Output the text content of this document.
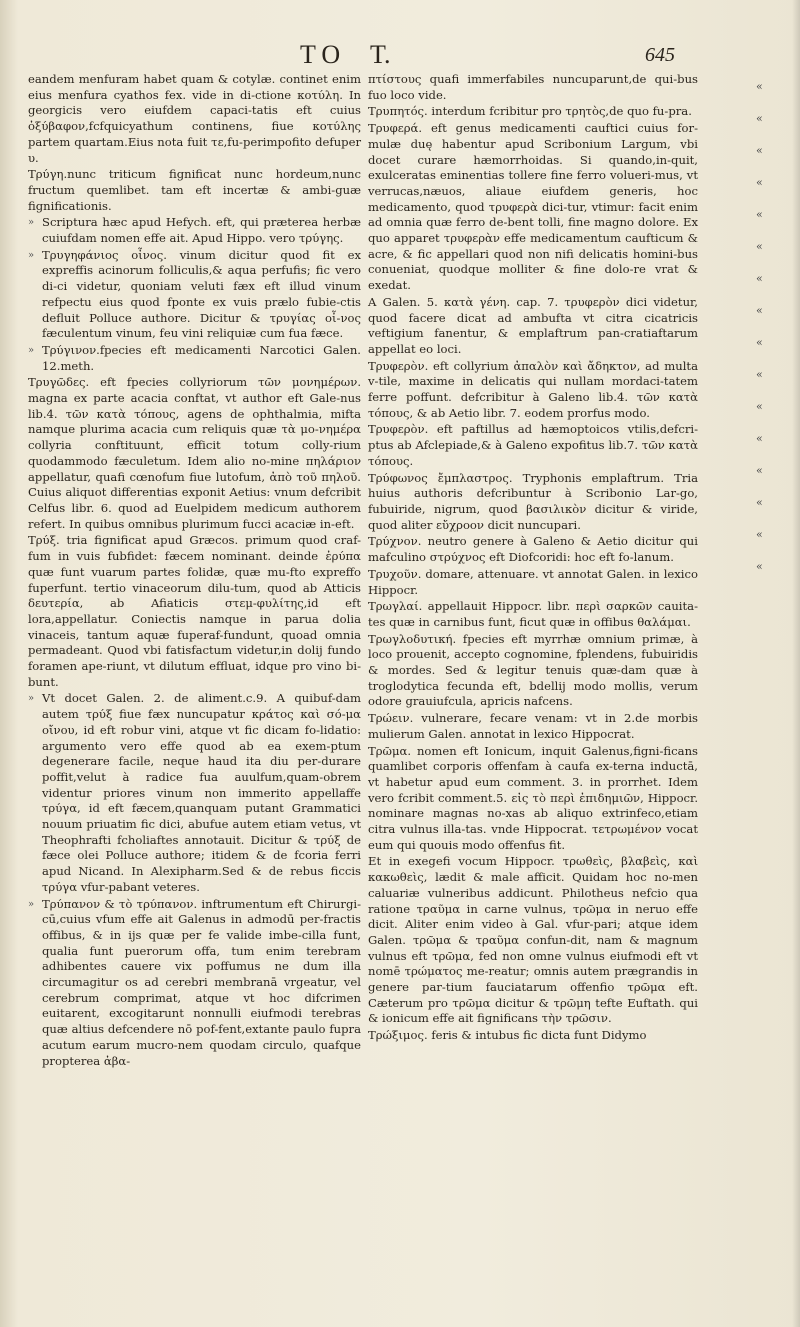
TO T.	645

eandem menfuram habet quam & cotylæ. continet enim eius menfura cyathos fex. vide in di-ctione κοτύλη. In georgicis vero eiufdem capaci-tatis eft cuius ὀξύβαφον,fcfquicyathum continens, fiue κοτύλης partem quartam.Eius nota fuit τε,fu-perimpofito defuper υ.

Τρύγη.nunc triticum fignificat nunc hordeum,nunc fructum quemlibet. tam eft incertæ & ambi-guæ fignificationis.

» Scriptura hæc apud Hefych. eft, qui præterea herbæ cuiufdam nomen effe ait. Apud Hippo. vero τρύγης.

» Τρυγηφάνιος οἶνος. vinum dicitur quod fit ex expreffis acinorum folliculis,& aqua perfufis; fic vero di-ci videtur, quoniam veluti fæx eft illud vinum refpectu eius quod fponte ex vuis prælo fubie-ctis defluit Polluce authore. Dicitur & τρυγίας οἶ-νος fæculentum vinum, feu vini reliquiæ cum fua fæce.

» Τρύγινον.fpecies eft medicamenti Narcotici Galen. 12.meth.

Τρυγῶδες. eft fpecies collyriorum τῶν μονημέρων. magna ex parte acacia conftat, vt author eft Gale-nus lib.4. τῶν κατὰ τόπους, agens de ophthalmia, mifta namque plurima acacia cum reliquis quæ τὰ μο-νημέρα collyria conftituunt, efficit totum colly-rium quodammodo fæculetum. Idem alio no-mine πηλάριον appellatur, quafi cœnofum fiue lutofum, ἀπὸ τοῦ πηλοῦ. Cuius aliquot differentias exponit Aetius: vnum defcribit Celfus libr. 6. quod ad Euelpidem medicum authorem refert. In quibus omnibus plurimum fucci acaciæ in-eft.

Τρύξ. tria fignificat apud Græcos. primum quod craf-fum in vuis fubfidet: fæcem nominant. deinde ἐρύπα quæ funt vuarum partes folidæ, quæ mu-fto expreffo fuperfunt. tertio vinaceorum dilu-tum, quod ab Atticis δευτερία, ab Afiaticis στεμ-φυλίτης,id eft lora,appellatur. Coniectis namque in parua dolia vinaceis, tantum aquæ fuperaf-fundunt, quoad omnia permadeant. Quod vbi fatisfactum videtur,in dolij fundo foramen ape-riunt, vt dilutum effluat, idque pro vino bi-bunt.

» Vt docet Galen. 2. de aliment.c.9. A quibuf-dam autem τρύξ fiue fæx nuncupatur κράτος καὶ σό-μα οἴνου, id eft robur vini, atque vt fic dicam fo-lidatio: argumento vero effe quod ab ea exem-ptum degenerare facile, neque haud ita diu per-durare poffit,velut à radice fua auulfum,quam-obrem videntur priores vinum non immerito appellaffe τρύγα, id eft fæcem,quanquam putant Grammatici nouum priuatim fic dici, abufue autem etiam vetus, vt Theophrafti fcholiaftes annotauit. Dicitur & τρύξ de fæce olei Polluce authore; itidem & de fcoria ferri apud Nicand. In Alexipharm.Sed & de rebus ficcis τρύγα vfur-pabant veteres.

» Τρύπανον & τὸ τρύπανον. inftrumentum eft Chirurgi-cū,cuius vfum effe ait Galenus in admodū per-fractis offibus, & in ijs quæ per fe valide imbe-cilla funt, qualia funt puerorum offa, tum enim terebram adhibentes cauere vix poffumus ne dum illa circumagitur os ad cerebri membranā vrgeatur, vel cerebrum comprimat, atque vt hoc difcrimen euitarent, excogitarunt nonnulli eiufmodi terebras quæ altius defcendere nō pof-fent,extante paulo fupra acutum earum mucro-nem quodam circulo, quafque propterea ἀβα-

πτίστους quafi immerfabiles nuncuparunt,de qui-bus fuo loco vide.

Τρυπητός. interdum fcribitur pro τρητὸς,de quo fu-pra.

Τρυφερά. eft genus medicamenti cauftici cuius for-mulæ duę habentur apud Scribonium Largum, vbi docet curare hæmorrhoidas. Si quando,in-quit, exulceratas eminentias tollere fine ferro volueri-mus, vt verrucas,næuos, aliaue eiufdem generis, hoc medicamento, quod τρυφερὰ dici-tur, vtimur: facit enim ad omnia quæ ferro de-bent tolli, fine magno dolore. Ex quo apparet τρυφερὰν effe medicamentum caufticum & acre, & fic appellari quod non nifi delicatis homini-bus conueniat, quodque molliter & fine dolo-re vrat & exedat.

A Galen. 5. κατὰ γένη. cap. 7. τρυφερὸν dici videtur, quod facere dicat ad ambufta vt citra cicatricis veftigium fanentur, & emplaftrum pan-cratiaftarum appellat eo loci.

Τρυφερὸν. eft collyrium ἀπαλὸν καὶ ἄδηκτον, ad multa v-tile, maxime in delicatis qui nullam mordaci-tatem ferre poffunt. defcribitur à Galeno lib.4. τῶν κατὰ τόπους, & ab Aetio libr. 7. eodem prorfus modo.

Τρυφερὸν. eft paftillus ad hæmoptoicos vtilis,defcri-ptus ab Afclepiade,& à Galeno expofitus lib.7. τῶν κατὰ τόπους.

Τρύφωνος ἔμπλαστρος. Tryphonis emplaftrum. Tria huius authoris defcribuntur à Scribonio Lar-go, fubuiride, nigrum, quod βασιλικὸν dicitur & viride, quod aliter εὔχροον dicit nuncupari.

Τρύχνον. neutro genere à Galeno & Aetio dicitur qui mafculino στρύχνος eft Diofcoridi: hoc eft fo-lanum.

Τρυχοῦν. domare, attenuare. vt annotat Galen. in lexico Hippocr.

Τρωγλαί. appellauit Hippocr. libr. περὶ σαρκῶν cauita-tes quæ in carnibus funt, ficut quæ in offibus θαλάμαι.

Τρωγλοδυτική. fpecies eft myrrhæ omnium primæ, à loco prouenit, accepto cognomine, fplendens, fubuiridis & mordes. Sed & legitur tenuis quæ-dam quæ à troglodytica fecunda eft, bdellij modo mollis, verum odore grauiufcula, apricis nafcens.

Τρώειν. vulnerare, fecare venam: vt in 2.de morbis mulierum Galen. annotat in lexico Hippocrat.

Τρῶμα. nomen eft Ionicum, inquit Galenus,figni-ficans quamlibet corporis offenfam à caufa ex-terna inductā, vt habetur apud eum comment. 3. in prorrhet. Idem vero fcribit comment.5. εἰς τὸ περὶ ἐπιδημιῶν, Hippocr. nominare magnas no-xas ab aliquo extrinfeco,etiam citra vulnus illa-tas. vnde Hippocrat. τετρωμένον vocat eum qui quouis modo offenfus fit.

Et in exegefi vocum Hippocr. τρωθεὶς, βλαβεὶς, καὶ κακωθεὶς, lædit & male afficit. Quidam hoc no-men caluariæ vulneribus addicunt. Philotheus nefcio qua ratione τραῦμα in carne vulnus, τρῶμα in neruo effe dicit. Aliter enim video à Gal. vfur-pari; atque idem Galen. τρῶμα & τραῦμα confun-dit, nam & magnum vulnus eft τρῶμα, fed non omne vulnus eiufmodi eft vt nomē τρώματος me-reatur; omnis autem prægrandis in genere par-tium fauciatarum offenfio τρῶμα eft. Cæterum pro τρῶμα dicitur & τρῶμη tefte Euftath. qui & ionicum effe ait fignificans τὴν τρῶσιν.

Τρώξιμος. feris & intubus fic dicta funt Didymo

«
«
«
«
«
«
«
«
«
«
«
«
«
«
«
«
